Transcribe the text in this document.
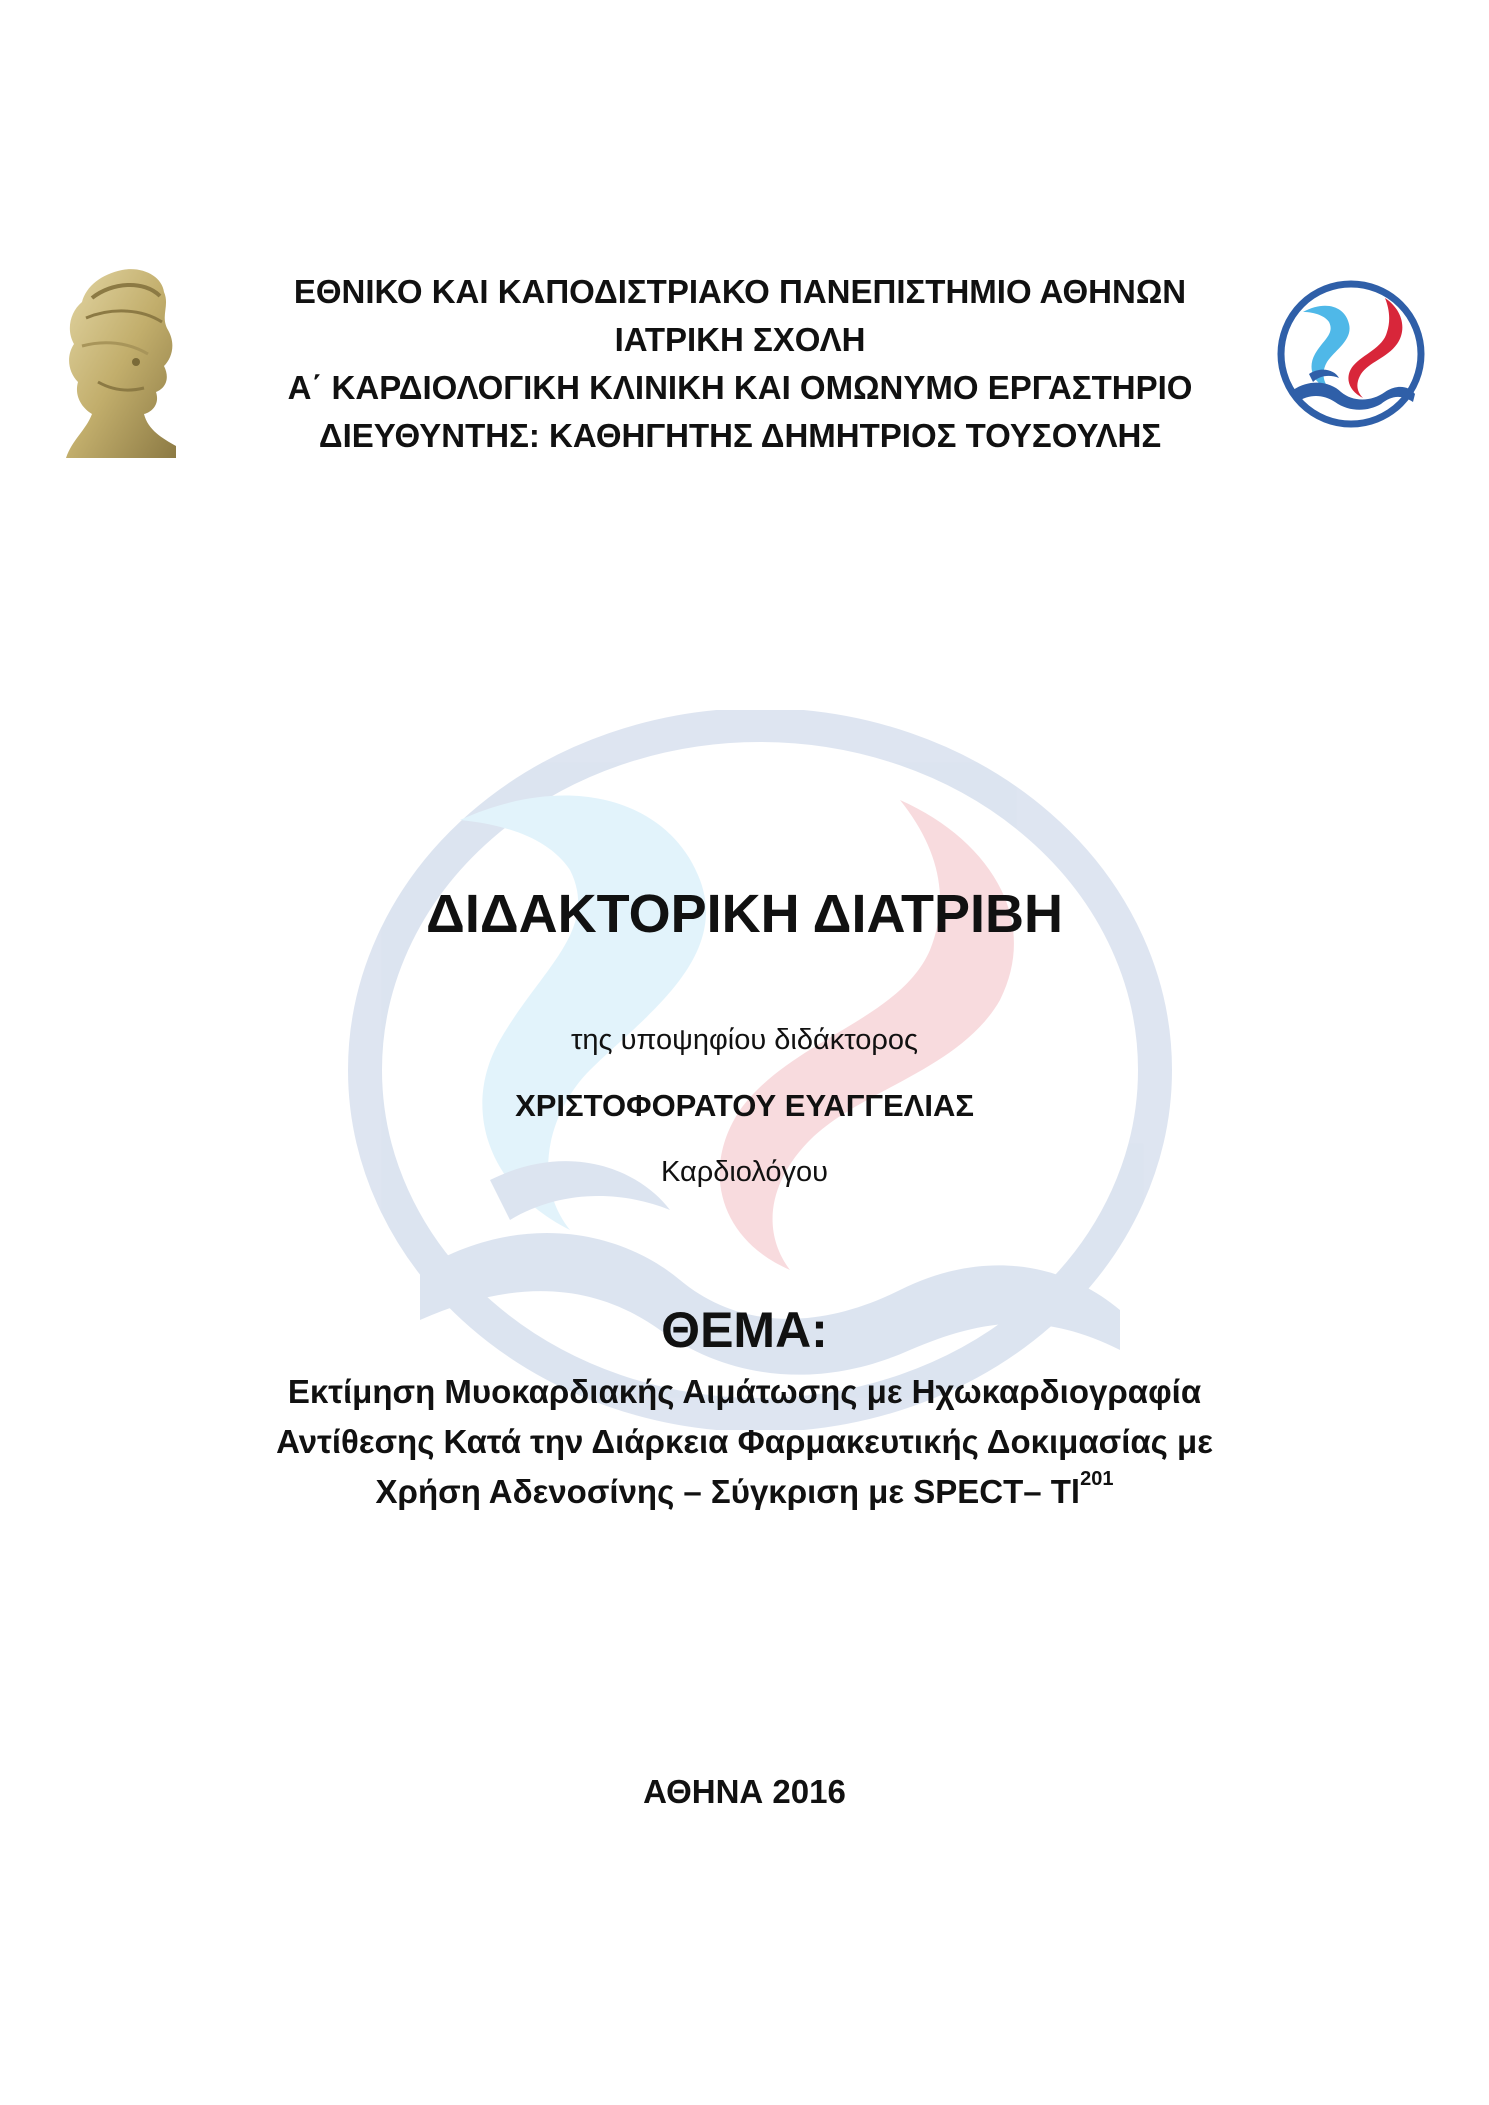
ΕΘΝΙΚΟ ΚΑΙ ΚΑΠΟΔΙΣΤΡΙΑΚΟ ΠΑΝΕΠΙΣΤΗΜΙΟ ΑΘΗΝΩΝ
ΙΑΤΡΙΚΗ ΣΧΟΛΗ
Α΄ ΚΑΡΔΙΟΛΟΓΙΚΗ ΚΛΙΝΙΚΗ ΚΑΙ ΟΜΩΝΥΜΟ ΕΡΓΑΣΤΗΡΙΟ
ΔΙΕΥΘΥΝΤΗΣ: ΚΑΘΗΓΗΤΗΣ ΔΗΜΗΤΡΙΟΣ ΤΟΥΣΟΥΛΗΣ
ΔΙΔΑΚΤΟΡΙΚΗ ΔΙΑΤΡΙΒΗ
της υποψηφίου διδάκτορος
ΧΡΙΣΤΟΦΟΡΑΤΟΥ ΕΥΑΓΓΕΛΙΑΣ
Καρδιολόγου
ΘΕΜΑ:
Εκτίμηση Μυοκαρδιακής Αιμάτωσης με Ηχωκαρδιογραφία
Αντίθεσης Κατά την Διάρκεια Φαρμακευτικής Δοκιμασίας με
Χρήση Αδενοσίνης – Σύγκριση με SPECT– Tl$^{201}$
ΑΘΗΝΑ 2016
